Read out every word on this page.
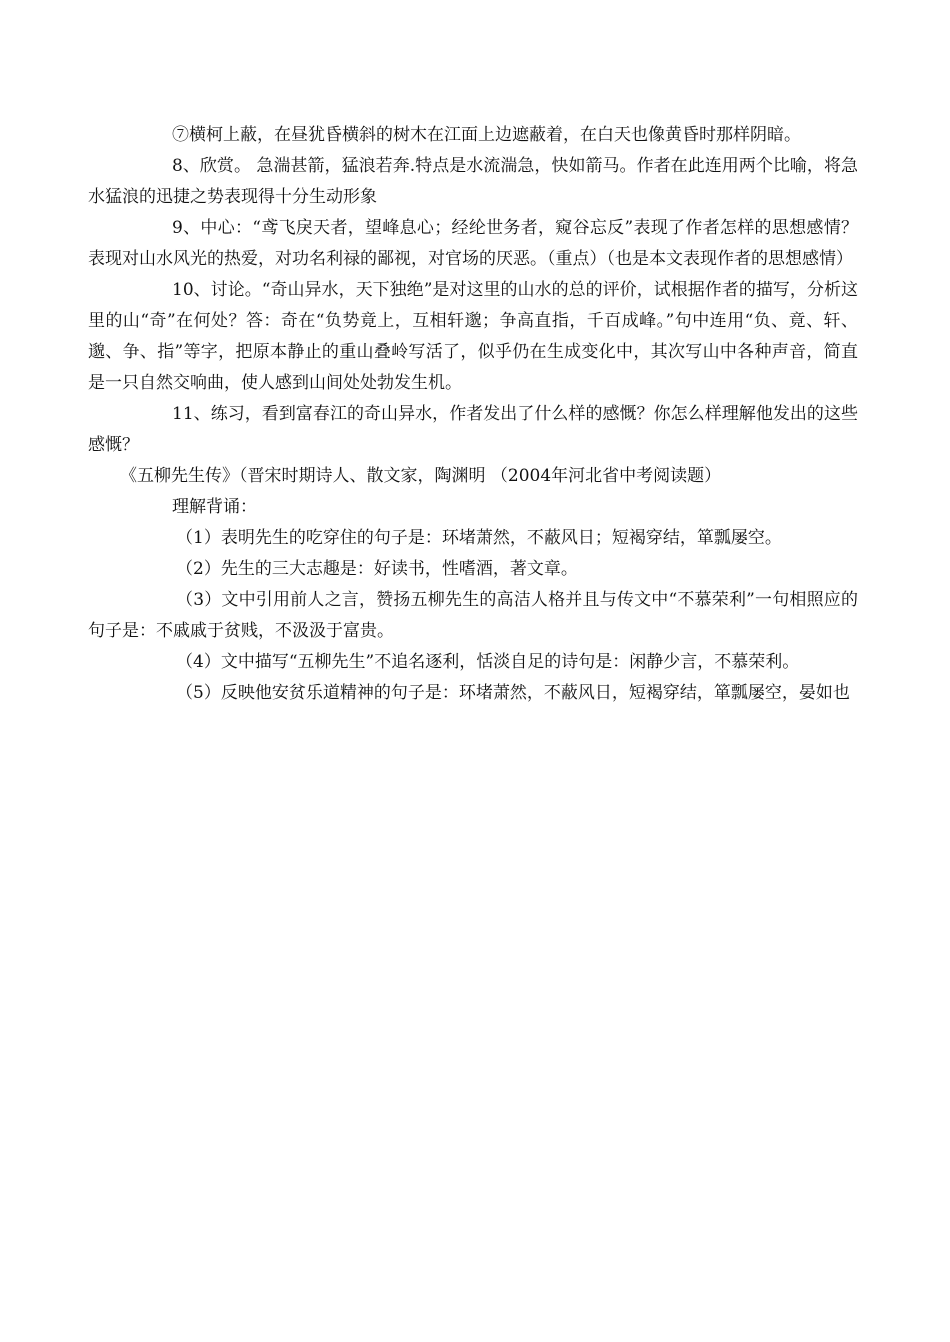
⑦横柯上蔽，在昼犹昏横斜的树木在江面上边遮蔽着，在白天也像黄昏时那样阴暗。

8、欣赏。 急湍甚箭，猛浪若奔.特点是水流湍急，快如箭马。作者在此连用两个比喻，将急水猛浪的迅捷之势表现得十分生动形象

9、中心：“鸢飞戾天者，望峰息心；经纶世务者，窥谷忘反”表现了作者怎样的思想感情？表现对山水风光的热爱，对功名利禄的鄙视，对官场的厌恶。（重点）（也是本文表现作者的思想感情）

10、讨论。“奇山异水，天下独绝”是对这里的山水的总的评价，试根据作者的描写，分析这里的山“奇”在何处？答：奇在“负势竟上，互相轩邈；争高直指，千百成峰。”句中连用“负、竟、轩、邈、争、指”等字，把原本静止的重山叠岭写活了，似乎仍在生成变化中，其次写山中各种声音，简直是一只自然交响曲，使人感到山间处处勃发生机。

11、练习，看到富春江的奇山异水，作者发出了什么样的感慨？你怎么样理解他发出的这些感慨？

《五柳先生传》（晋宋时期诗人、散文家，陶渊明 （2004年河北省中考阅读题）

理解背诵：

（1）表明先生的吃穿住的句子是：环堵萧然，不蔽风日；短褐穿结，箪瓢屡空。

（2）先生的三大志趣是：好读书，性嗜酒，著文章。

（3）文中引用前人之言，赞扬五柳先生的高洁人格并且与传文中“不慕荣利”一句相照应的句子是：不戚戚于贫贱，不汲汲于富贵。

（4）文中描写“五柳先生”不追名逐利，恬淡自足的诗句是：闲静少言，不慕荣利。

（5）反映他安贫乐道精神的句子是：环堵萧然，不蔽风日，短褐穿结，箪瓢屡空，晏如也
